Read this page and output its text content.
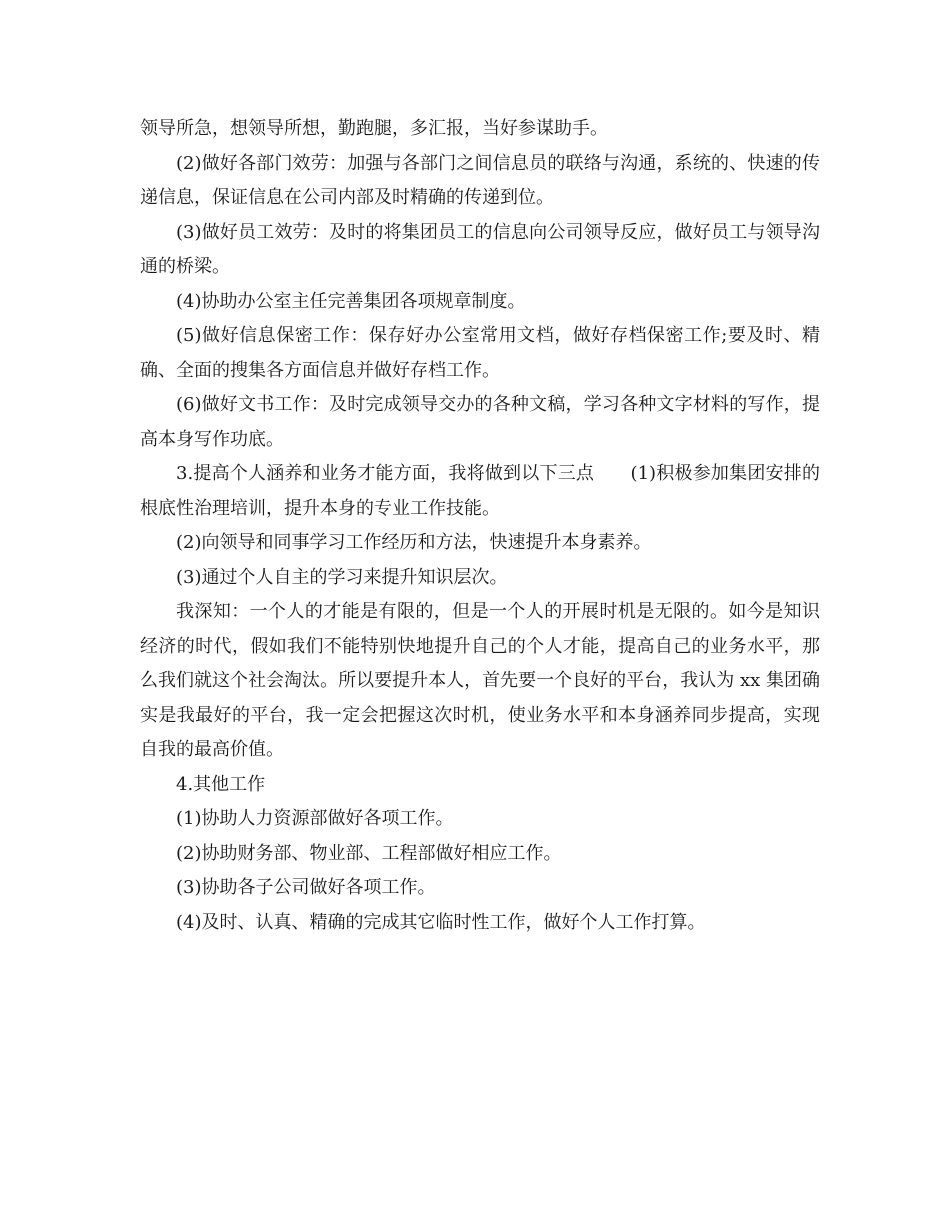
领导所急，想领导所想，勤跑腿，多汇报，当好参谋助手。

(2)做好各部门效劳：加强与各部门之间信息员的联络与沟通，系统的、快速的传递信息，保证信息在公司内部及时精确的传递到位。

(3)做好员工效劳：及时的将集团员工的信息向公司领导反应，做好员工与领导沟通的桥梁。

(4)协助办公室主任完善集团各项规章制度。

(5)做好信息保密工作：保存好办公室常用文档，做好存档保密工作;要及时、精确、全面的搜集各方面信息并做好存档工作。

(6)做好文书工作：及时完成领导交办的各种文稿，学习各种文字材料的写作，提高本身写作功底。

3.提高个人涵养和业务才能方面，我将做到以下三点　　(1)积极参加集团安排的根底性治理培训，提升本身的专业工作技能。

(2)向领导和同事学习工作经历和方法，快速提升本身素养。

(3)通过个人自主的学习来提升知识层次。

我深知：一个人的才能是有限的，但是一个人的开展时机是无限的。如今是知识经济的时代，假如我们不能特别快地提升自己的个人才能，提高自己的业务水平，那么我们就这个社会淘汰。所以要提升本人，首先要一个良好的平台，我认为 xx 集团确实是我最好的平台，我一定会把握这次时机，使业务水平和本身涵养同步提高，实现自我的最高价值。

4.其他工作

(1)协助人力资源部做好各项工作。

(2)协助财务部、物业部、工程部做好相应工作。

(3)协助各子公司做好各项工作。

(4)及时、认真、精确的完成其它临时性工作，做好个人工作打算。
